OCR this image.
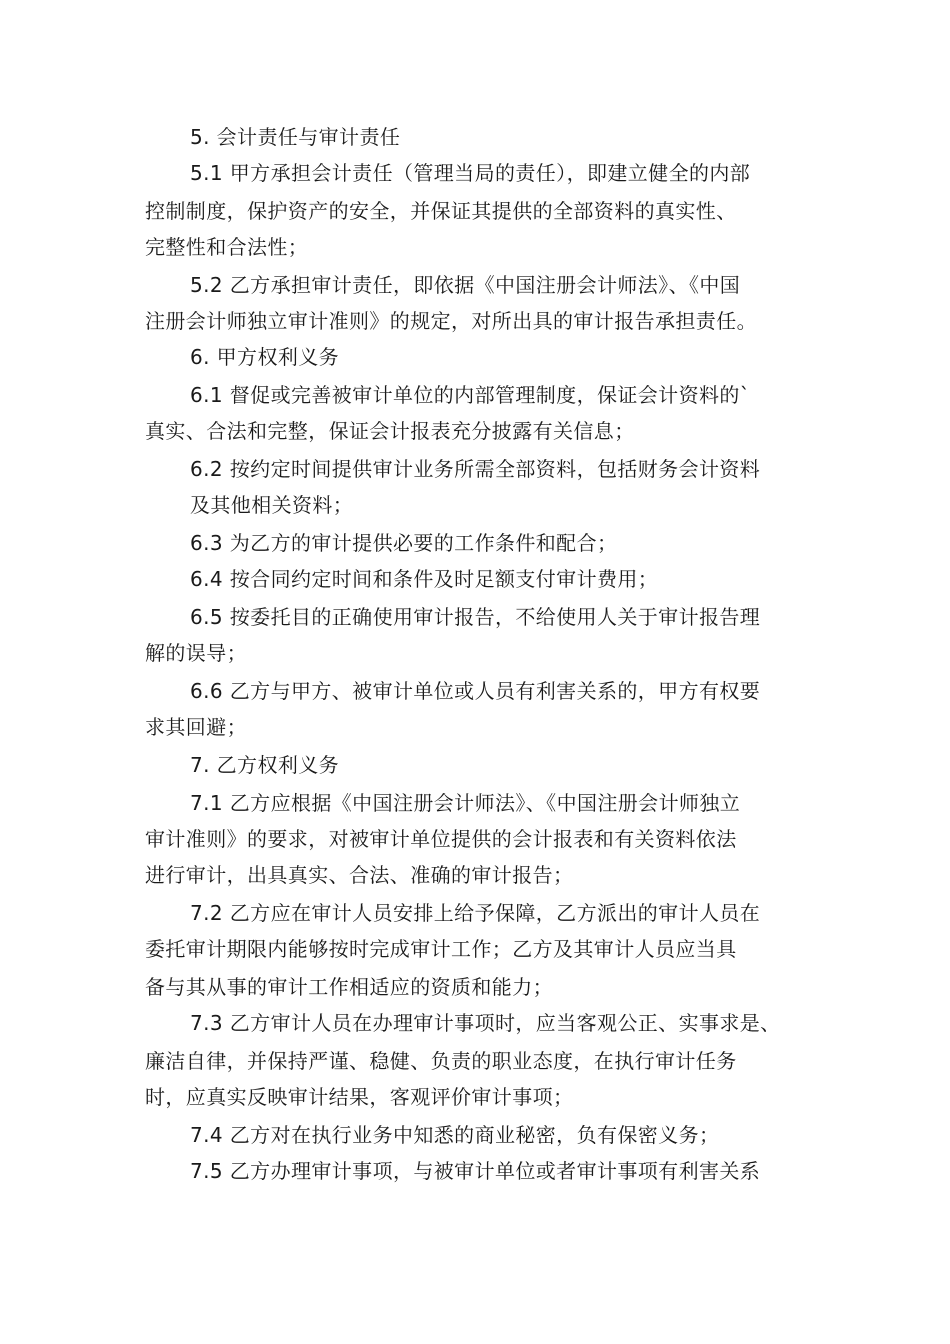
5. 会计责任与审计责任
5.1 甲方承担会计责任（管理当局的责任），即建立健全的内部
控制制度，保护资产的安全，并保证其提供的全部资料的真实性、
完整性和合法性；
5.2 乙方承担审计责任，即依据《中国注册会计师法》、《中国
注册会计师独立审计准则》的规定，对所出具的审计报告承担责任。
6. 甲方权利义务
6.1 督促或完善被审计单位的内部管理制度，保证会计资料的`
真实、合法和完整，保证会计报表充分披露有关信息；
6.2 按约定时间提供审计业务所需全部资料，包括财务会计资料
及其他相关资料；
6.3 为乙方的审计提供必要的工作条件和配合；
6.4 按合同约定时间和条件及时足额支付审计费用；
6.5 按委托目的正确使用审计报告，不给使用人关于审计报告理
解的误导；
6.6 乙方与甲方、被审计单位或人员有利害关系的，甲方有权要
求其回避；
7. 乙方权利义务
7.1 乙方应根据《中国注册会计师法》、《中国注册会计师独立
审计准则》的要求，对被审计单位提供的会计报表和有关资料依法
进行审计，出具真实、合法、准确的审计报告；
7.2 乙方应在审计人员安排上给予保障，乙方派出的审计人员在
委托审计期限内能够按时完成审计工作；乙方及其审计人员应当具
备与其从事的审计工作相适应的资质和能力；
7.3 乙方审计人员在办理审计事项时，应当客观公正、实事求是、
廉洁自律，并保持严谨、稳健、负责的职业态度，在执行审计任务
时，应真实反映审计结果，客观评价审计事项；
7.4 乙方对在执行业务中知悉的商业秘密，负有保密义务；
7.5 乙方办理审计事项，与被审计单位或者审计事项有利害关系
